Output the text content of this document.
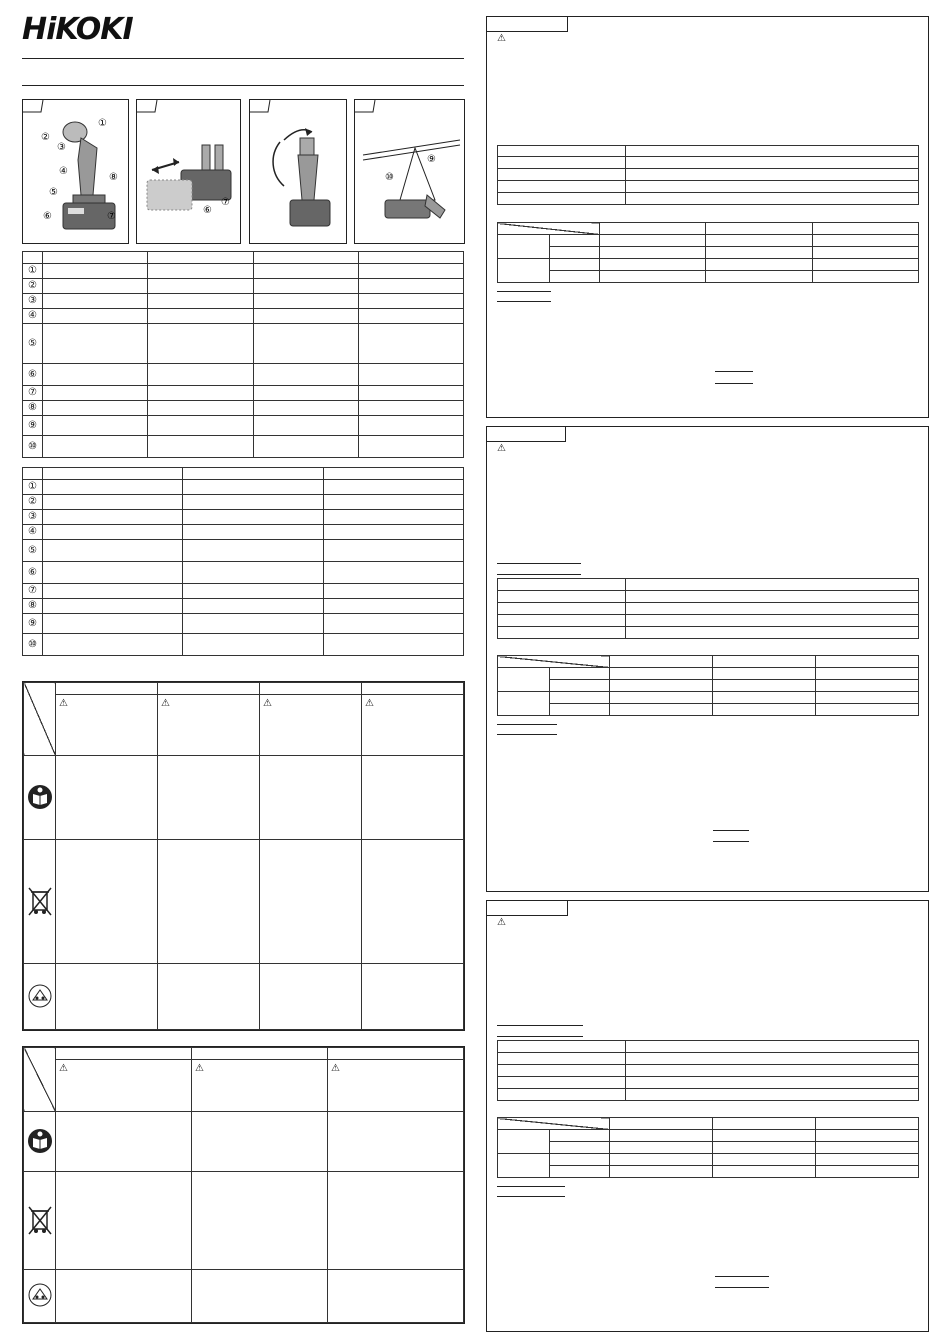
HiKOKI
①
②
③
④
⑤
⑥	⑦
⑧
⑥
⑦
⑨
⑩

①				
②				
③				
④				
⑤				
⑥				
⑦				
⑧				
⑨				
⑩				

①			
②			
③			
④			
⑤			
⑥			
⑦			
⑧			
⑨			
⑩			

	⚠	⚠	⚠	⚠

	⚠	⚠	⚠

⚠

⚠

⚠
